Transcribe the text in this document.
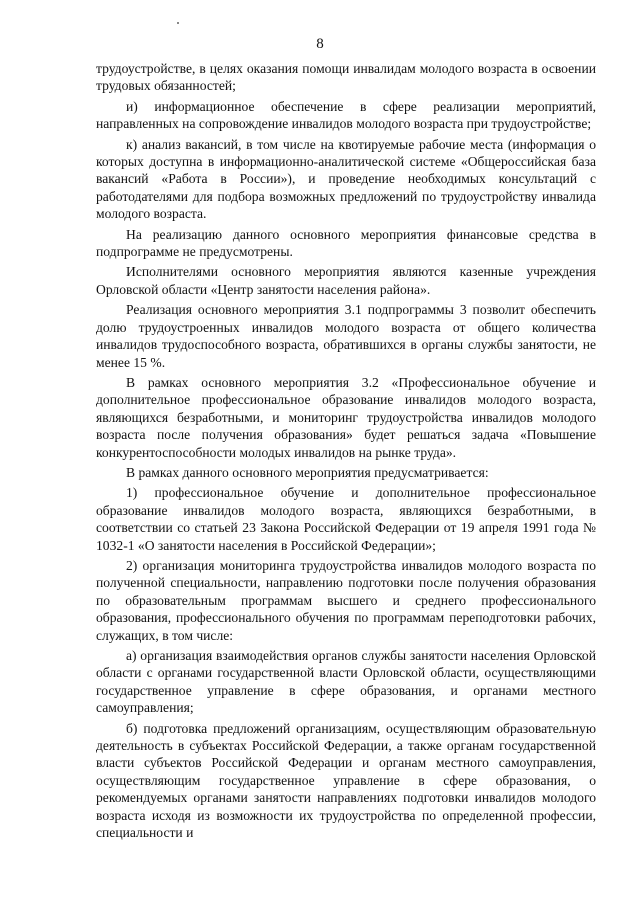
8

трудоустройстве, в целях оказания помощи инвалидам молодого возраста в освоении трудовых обязанностей;

и) информационное обеспечение в сфере реализации мероприятий, направленных на сопровождение инвалидов молодого возраста при трудоустройстве;

к) анализ вакансий, в том числе на квотируемые рабочие места (информация о которых доступна в информационно-аналитической системе «Общероссийская база вакансий «Работа в России»), и проведение необходимых консультаций с работодателями для подбора возможных предложений по трудоустройству инвалида молодого возраста.

На реализацию данного основного мероприятия финансовые средства в подпрограмме не предусмотрены.

Исполнителями основного мероприятия являются казенные учреждения Орловской области «Центр занятости населения района».

Реализация основного мероприятия 3.1 подпрограммы 3 позволит обеспечить долю трудоустроенных инвалидов молодого возраста от общего количества инвалидов трудоспособного возраста, обратившихся в органы службы занятости, не менее 15 %.

В рамках основного мероприятия 3.2 «Профессиональное обучение и дополнительное профессиональное образование инвалидов молодого возраста, являющихся безработными, и мониторинг трудоустройства инвалидов молодого возраста после получения образования» будет решаться задача «Повышение конкурентоспособности молодых инвалидов на рынке труда».

В рамках данного основного мероприятия предусматривается:

1) профессиональное обучение и дополнительное профессиональное образование инвалидов молодого возраста, являющихся безработными, в соответствии со статьей 23 Закона Российской Федерации от 19 апреля 1991 года № 1032-1 «О занятости населения в Российской Федерации»;

2) организация мониторинга трудоустройства инвалидов молодого возраста по полученной специальности, направлению подготовки после получения образования по образовательным программам высшего и среднего профессионального образования, профессионального обучения по программам переподготовки рабочих, служащих, в том числе:

а) организация взаимодействия органов службы занятости населения Орловской области с органами государственной власти Орловской области, осуществляющими государственное управление в сфере образования, и органами местного самоуправления;

б) подготовка предложений организациям, осуществляющим образовательную деятельность в субъектах Российской Федерации, а также органам государственной власти субъектов Российской Федерации и органам местного самоуправления, осуществляющим государственное управление в сфере образования, о рекомендуемых органами занятости направлениях подготовки инвалидов молодого возраста исходя из возможности их трудоустройства по определенной профессии, специальности и
